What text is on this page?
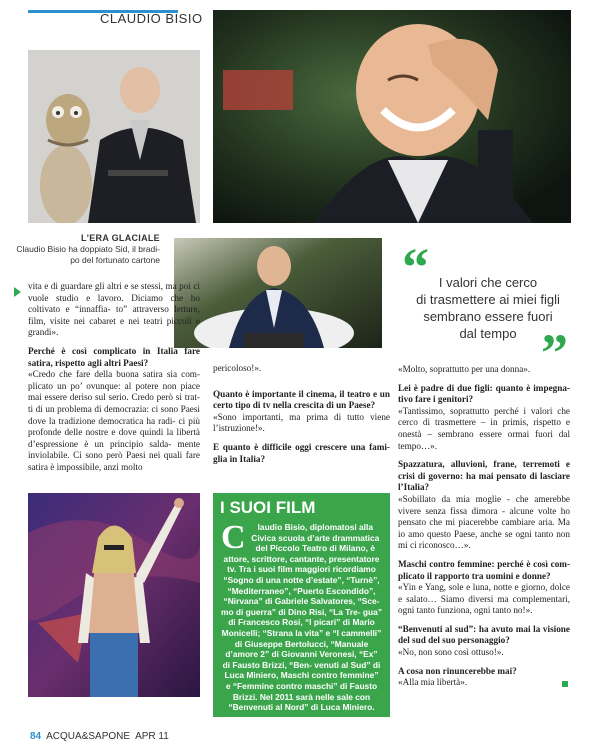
CLAUDIO BISIO
L'ERA GLACIALE
Claudio Bisio ha doppiato Sid, il bradi-
po del fortunato cartone	“ I valori che cerco
di trasmettere ai miei figli
sembrano essere fuori
dal tempo ”

vita e di guardare gli altri e se stessi, ma poi ci vuole studio e lavoro. Diciamo che ho coltivato e “innaffia- to” attraverso letture, film, visite nei cabaret e nei teatri piccoli e grandi».

Perché è così complicato in Italia fare satira, rispetto agli altri Paesi?

«Credo che fare della buona satira sia com- plicato un po’ ovunque: al potere non piace mai essere deriso sul serio. Credo però si trat- ti di un problema di democrazia: ci sono Paesi dove la tradizione democratica ha radi- ci più profonde delle nostre e dove quindi la libertà d’espressione è un principio salda- mente inviolabile. Ci sono però Paesi nei quali fare satira è impossibile, anzi molto

pericoloso!».

Quanto è importante il cinema, il teatro e un certo tipo di tv nella crescita di un Paese?

«Sono importanti, ma prima di tutto viene l’istruzione!».

E quanto è difficile oggi crescere una fami- glia in Italia?

«Molto, soprattutto per una donna».

Lei è padre di due figli: quanto è impegna- tivo fare i genitori?

«Tantissimo, soprattutto perché i valori che cerco di trasmettere – in primis, rispetto e onestà – sembrano essere ormai fuori dal tempo…».

Spazzatura, alluvioni, frane, terremoti e crisi di governo: ha mai pensato di lasciare l’Italia?

«Sobillato da mia moglie - che amerebbe vivere senza fissa dimora - alcune volte ho pensato che mi piacerebbe cambiare aria. Ma io amo questo Paese, anche se ogni tanto non mi ci riconosco…».

Maschi contro femmine: perché è così com- plicato il rapporto tra uomini e donne?

«Yin e Yang, sole e luna, notte e giorno, dolce e salato… Siamo diversi ma complementari, ogni tanto funziona, ogni tanto no!».

“Benvenuti al sud”: ha avuto mai la visione del sud del suo personaggio?

«No, non sono così ottuso!».

A cosa non rinuncerebbe mai?

«Alla mia libertà».

I SUOI FILM
C laudio Bisio, diplomatosi alla Civica scuola d’arte drammatica del Piccolo Teatro di Milano, è attore, scrittore, cantante, presentatore tv. Tra i suoi film maggiori ricordiamo “Sogno di una notte d’estate”, “Turnè”, “Mediterraneo”, “Puerto Escondido”, “Nirvana” di Gabriele Salvatores, “Sce- mo di guerra” di Dino Risi, “La Tre- gua” di Francesco Rosi, “I picari” di Mario Monicelli; “Strana la vita” e “I cammelli” di Giuseppe Bertolucci, “Manuale d’amore 2” di Giovanni Veronesi, “Ex” di Fausto Brizzi, “Ben- venuti al Sud” di Luca Miniero, Maschi contro femmine” e “Femmine contro maschi” di Fausto Brizzi. Nel 2011 sarà nelle sale con “Benvenuti al Nord” di Luca Miniero.
84 ACQUA&SAPONE APR 11
